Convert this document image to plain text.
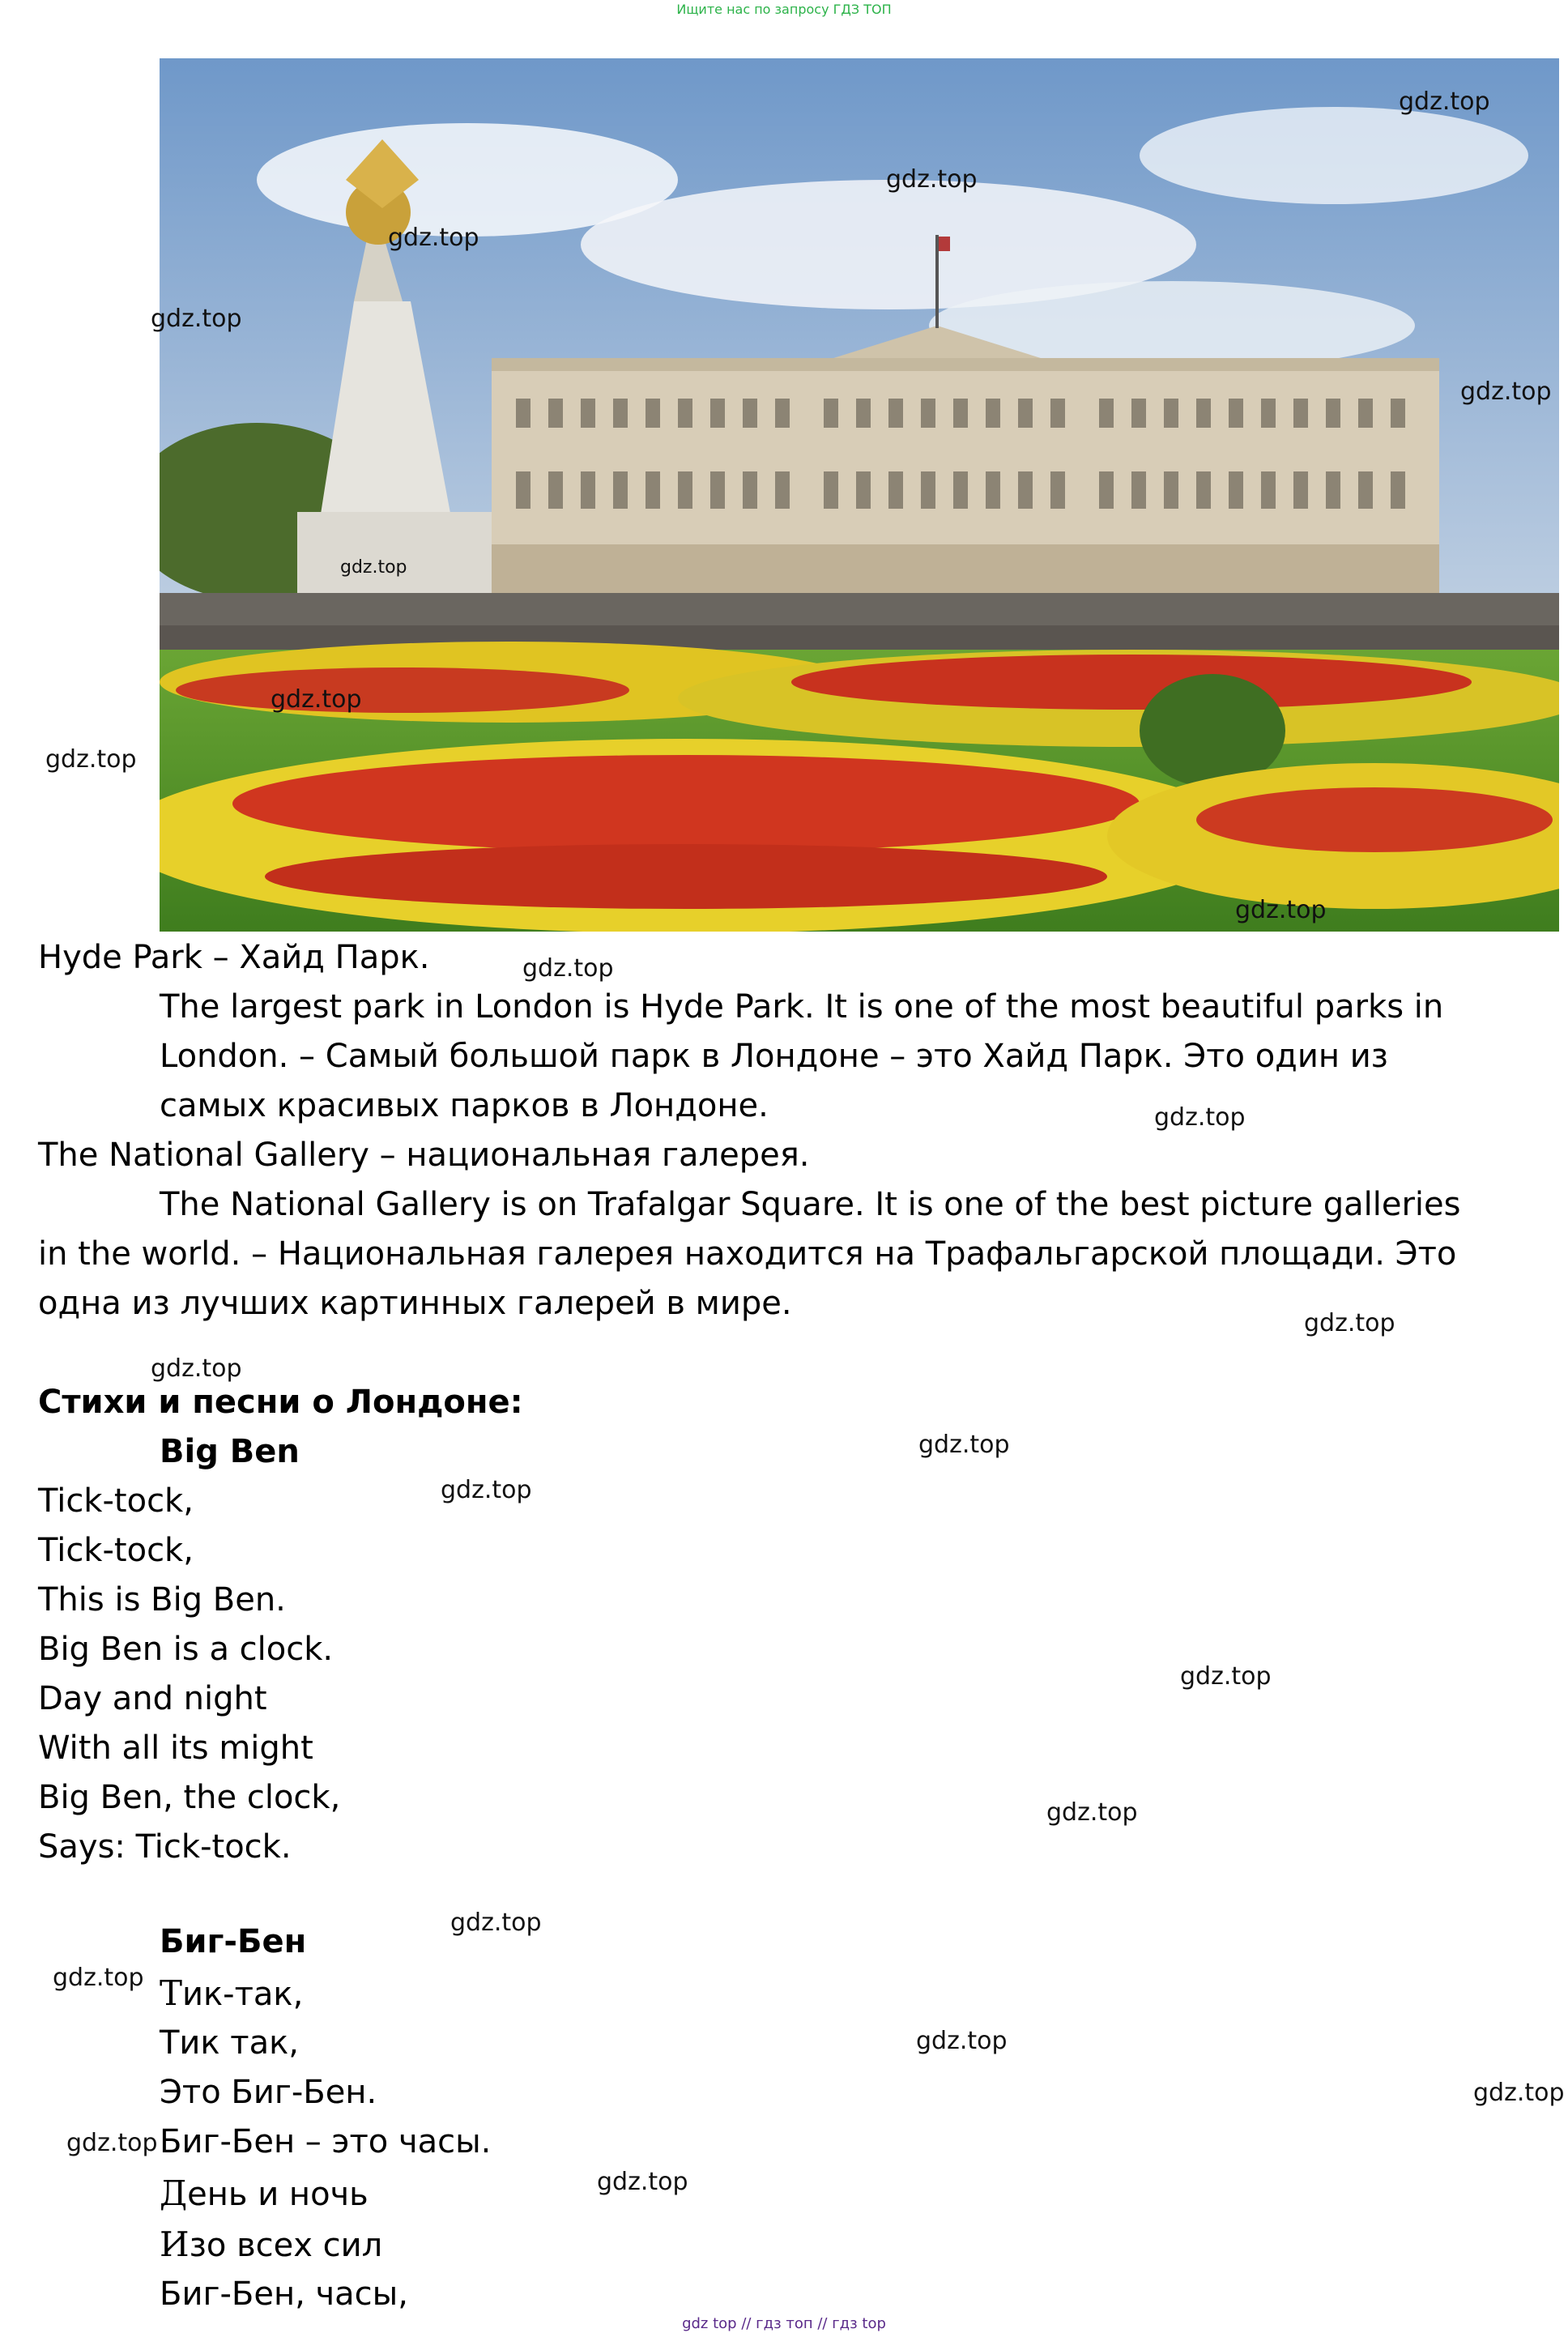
Ищите нас по запросу ГДЗ ТОП
Hyde Park – Хайд Парк.
The largest park in London is Hyde Park. It is one of the most beautiful parks in
London. – Самый большой парк в Лондоне – это Хайд Парк. Это один из
самых красивых парков в Лондоне.
The National Gallery – национальная галерея.
The National Gallery is on Trafalgar Square. It is one of the best picture galleries
in the world. – Национальная галерея находится на Трафальгарской площади. Это
одна из лучших картинных галерей в мире.
Стихи и песни о Лондоне:
Big Ben
Tick-tock,
Tick-tock,
This is Big Ben.
Big Ben is a clock.
Day and night
With all its might
Big Ben, the clock,
Says: Tick-tock.
Биг-Бен
Тик-так,
Тик так,
Это Биг-Бен.
Биг-Бен – это часы.
День и ночь
Изо всех сил
Биг-Бен, часы,
gdz.top
gdz.top
gdz.top
gdz.top
gdz.top
gdz.top
gdz.top
gdz.top
gdz.top
gdz.top
gdz.top
gdz.top
gdz.top
gdz.top
gdz.top
gdz.top
gdz.top
gdz.top
gdz.top
gdz.top
gdz.top
gdz.top
gdz.top
gdz top // гдз топ // гдз top
